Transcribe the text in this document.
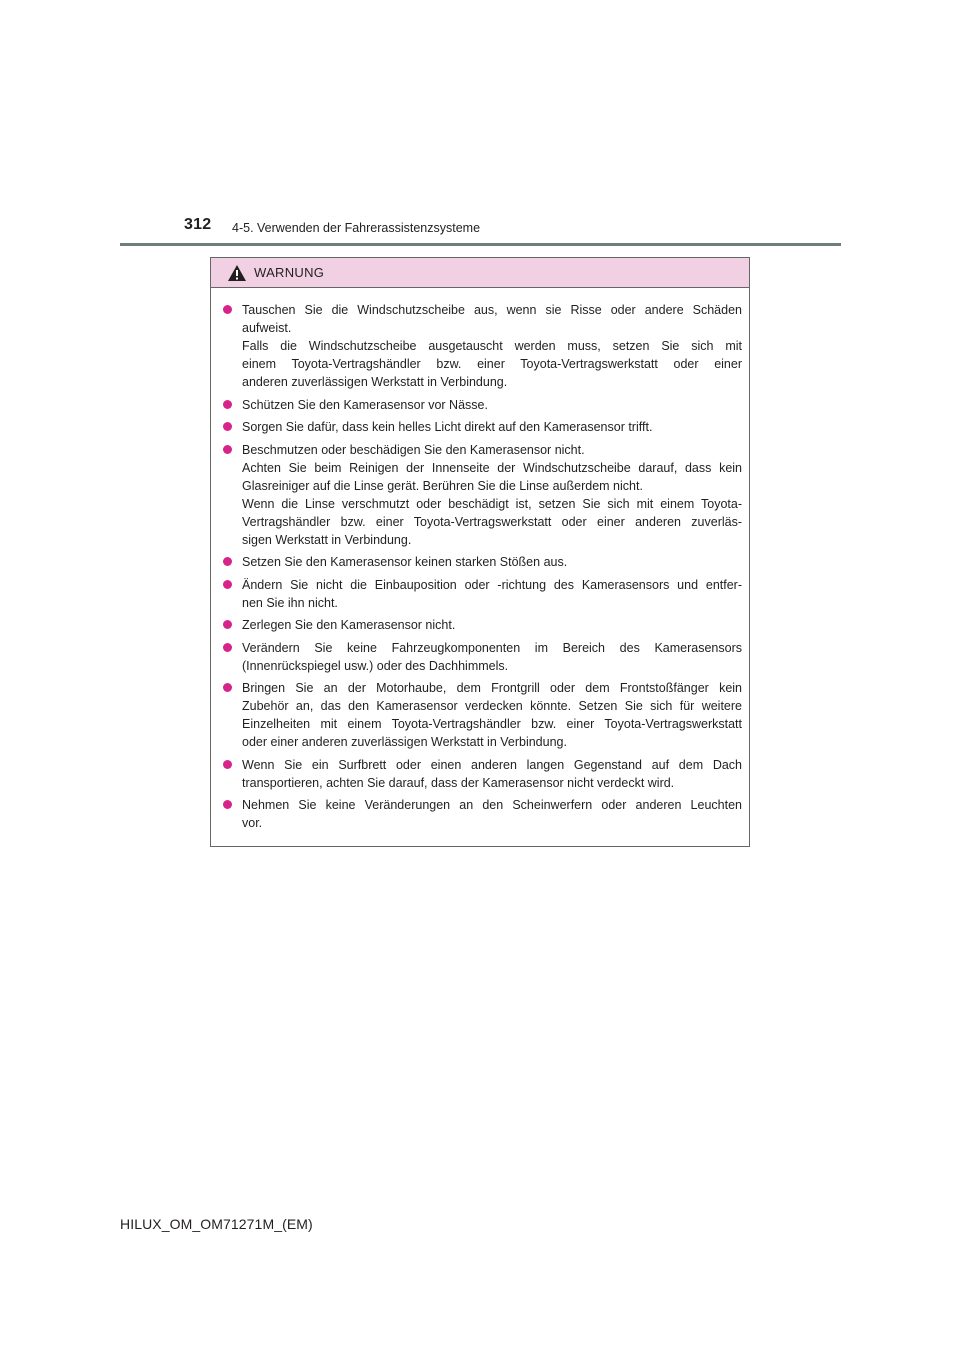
312 4-5. Verwenden der Fahrerassistenzsysteme
WARNUNG
Tauschen Sie die Windschutzscheibe aus, wenn sie Risse oder andere Schäden
aufweist.
Falls die Windschutzscheibe ausgetauscht werden muss, setzen Sie sich mit
einem Toyota-Vertragshändler bzw. einer Toyota-Vertragswerkstatt oder einer
anderen zuverlässigen Werkstatt in Verbindung.
Schützen Sie den Kamerasensor vor Nässe.
Sorgen Sie dafür, dass kein helles Licht direkt auf den Kamerasensor trifft.
Beschmutzen oder beschädigen Sie den Kamerasensor nicht.
Achten Sie beim Reinigen der Innenseite der Windschutzscheibe darauf, dass kein
Glasreiniger auf die Linse gerät. Berühren Sie die Linse außerdem nicht.
Wenn die Linse verschmutzt oder beschädigt ist, setzen Sie sich mit einem Toyota-
Vertragshändler bzw. einer Toyota-Vertragswerkstatt oder einer anderen zuverläs-
sigen Werkstatt in Verbindung.
Setzen Sie den Kamerasensor keinen starken Stößen aus.
Ändern Sie nicht die Einbauposition oder -richtung des Kamerasensors und entfer-
nen Sie ihn nicht.
Zerlegen Sie den Kamerasensor nicht.
Verändern Sie keine Fahrzeugkomponenten im Bereich des Kamerasensors
(Innenrückspiegel usw.) oder des Dachhimmels.
Bringen Sie an der Motorhaube, dem Frontgrill oder dem Frontstoßfänger kein
Zubehör an, das den Kamerasensor verdecken könnte. Setzen Sie sich für weitere
Einzelheiten mit einem Toyota-Vertragshändler bzw. einer Toyota-Vertragswerkstatt
oder einer anderen zuverlässigen Werkstatt in Verbindung.
Wenn Sie ein Surfbrett oder einen anderen langen Gegenstand auf dem Dach
transportieren, achten Sie darauf, dass der Kamerasensor nicht verdeckt wird.
Nehmen Sie keine Veränderungen an den Scheinwerfern oder anderen Leuchten
vor.
HILUX_OM_OM71271M_(EM)
